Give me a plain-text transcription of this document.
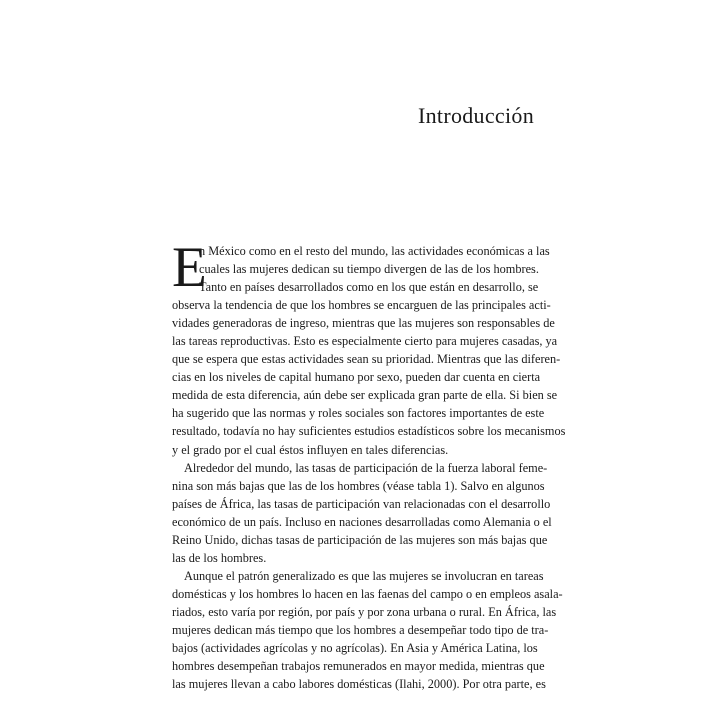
Introducción
E
n México como en el resto del mundo, las actividades económicas a las
cuales las mujeres dedican su tiempo divergen de las de los hombres.
Tanto en países desarrollados como en los que están en desarrollo, se
observa la tendencia de que los hombres se encarguen de las principales acti-
vidades generadoras de ingreso, mientras que las mujeres son responsables de
las tareas reproductivas. Esto es especialmente cierto para mujeres casadas, ya
que se espera que estas actividades sean su prioridad. Mientras que las diferen-
cias en los niveles de capital humano por sexo, pueden dar cuenta en cierta
medida de esta diferencia, aún debe ser explicada gran parte de ella. Si bien se
ha sugerido que las normas y roles sociales son factores importantes de este
resultado, todavía no hay suficientes estudios estadísticos sobre los mecanismos
y el grado por el cual éstos influyen en tales diferencias.
Alrededor del mundo, las tasas de participación de la fuerza laboral feme-
nina son más bajas que las de los hombres (véase tabla 1). Salvo en algunos
países de África, las tasas de participación van relacionadas con el desarrollo
económico de un país. Incluso en naciones desarrolladas como Alemania o el
Reino Unido, dichas tasas de participación de las mujeres son más bajas que
las de los hombres.
Aunque el patrón generalizado es que las mujeres se involucran en tareas
domésticas y los hombres lo hacen en las faenas del campo o en empleos asala-
riados, esto varía por región, por país y por zona urbana o rural. En África, las
mujeres dedican más tiempo que los hombres a desempeñar todo tipo de tra-
bajos (actividades agrícolas y no agrícolas). En Asia y América Latina, los
hombres desempeñan trabajos remunerados en mayor medida, mientras que
las mujeres llevan a cabo labores domésticas (Ilahi, 2000). Por otra parte, es
